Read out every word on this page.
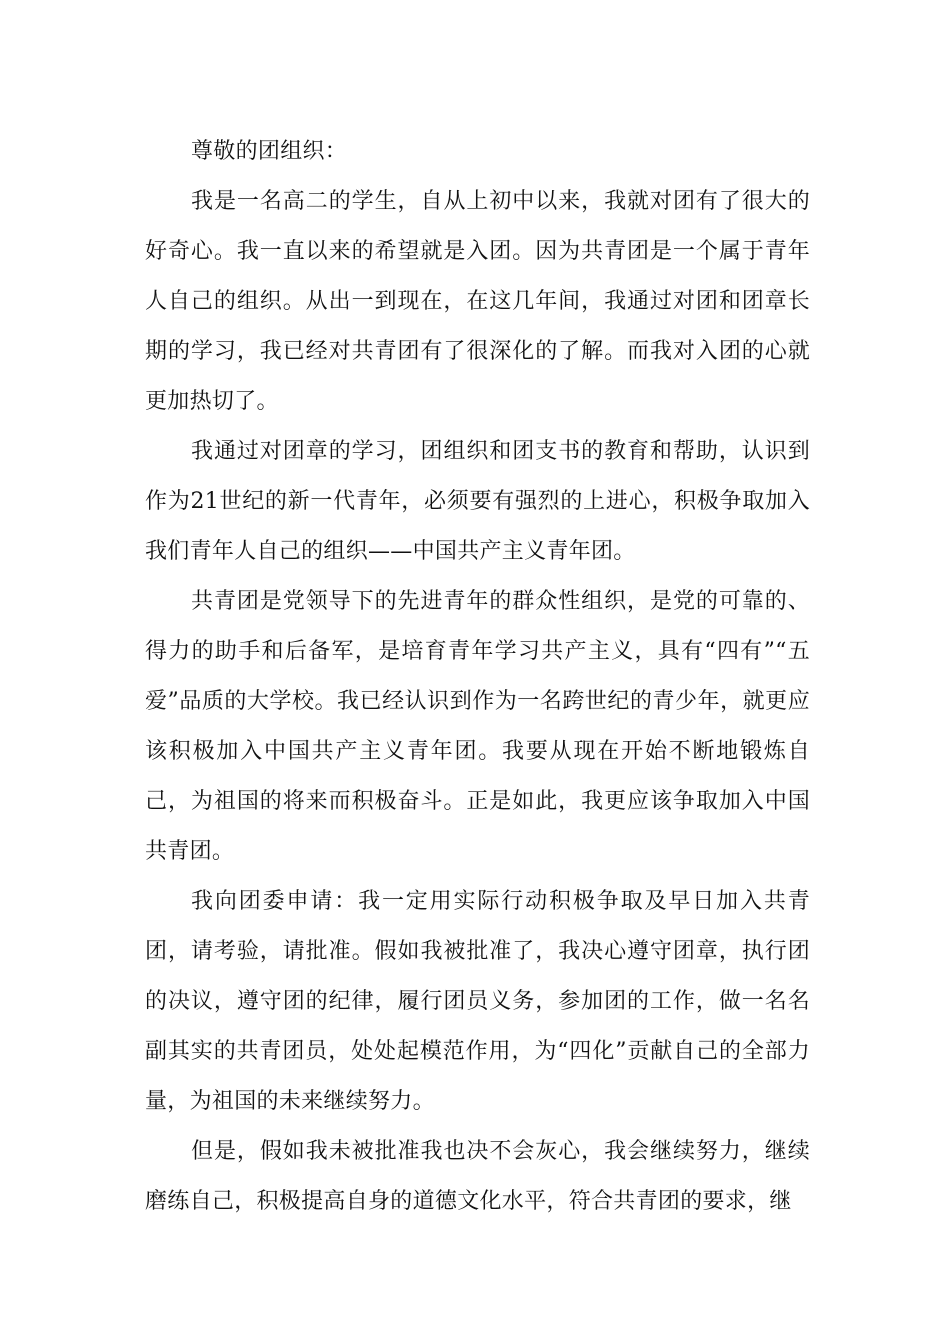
尊敬的团组织：

我是一名高二的学生，自从上初中以来，我就对团有了很大的好奇心。我一直以来的希望就是入团。因为共青团是一个属于青年人自己的组织。从出一到现在，在这几年间，我通过对团和团章长期的学习，我已经对共青团有了很深化的了解。而我对入团的心就更加热切了。

我通过对团章的学习，团组织和团支书的教育和帮助，认识到作为21世纪的新一代青年，必须要有强烈的上进心，积极争取加入我们青年人自己的组织——中国共产主义青年团。

共青团是党领导下的先进青年的群众性组织，是党的可靠的、得力的助手和后备军，是培育青年学习共产主义，具有“四有”“五爱”品质的大学校。我已经认识到作为一名跨世纪的青少年，就更应该积极加入中国共产主义青年团。我要从现在开始不断地锻炼自己，为祖国的将来而积极奋斗。正是如此，我更应该争取加入中国共青团。

我向团委申请：我一定用实际行动积极争取及早日加入共青团，请考验，请批准。假如我被批准了，我决心遵守团章，执行团的决议，遵守团的纪律，履行团员义务，参加团的工作，做一名名副其实的共青团员，处处起模范作用，为“四化”贡献自己的全部力量，为祖国的未来继续努力。

但是，假如我未被批准我也决不会灰心，我会继续努力，继续磨练自己，积极提高自身的道德文化水平，符合共青团的要求，继
